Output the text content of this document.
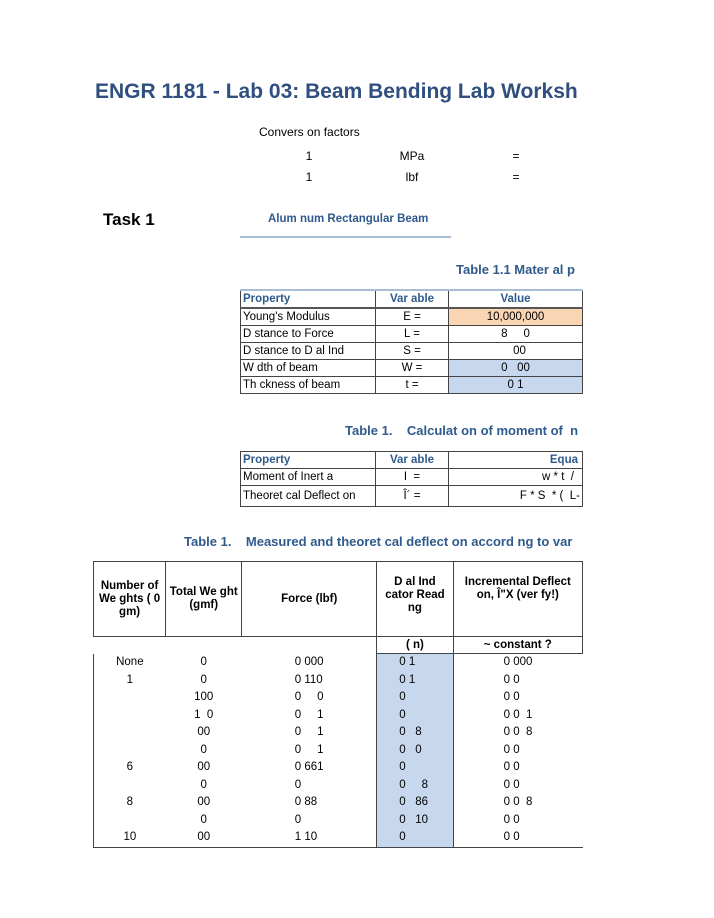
ENGR 1181 - Lab 03: Beam Bending Lab Worksh
Convers on factors
1	MPa	=
1	lbf	=
Task 1	Alum num Rectangular Beam
Table 1.1 Mater al p
Property	Var able	Value
Young's Modulus	E =	10,000,000
D stance to Force	L =	8     0
D stance to D al Ind	S =	00
W dth of beam	W =	0   00
Th ckness of beam	t =	0 1
Table 1.    Calculat on of moment of  n
Property	Var able	Equa
Moment of Inert a	I  =	w * t  /
Theoret cal Deflect on	Î´ =	F * S  * (  L-
Table 1.    Measured and theoret cal deflect on accord ng to var
Number of We ghts ( 0 gm)	Total We ght (gmf)	Force (lbf)	D al Ind cator Read ng	Incremental Deflect on, Î"X (ver fy!)
			( n)	~ constant ?
None	0	0 000	0 1	0 000
1	0	0 110	0 1	0 0
	100	0     0	0	0 0
	1  0	0     1	0	0 0  1
	00	0     1	0   8	0 0  8
	0	0     1	0   0	0 0
6	00	0 661	0	0 0
	0	0	0     8	0 0
8	00	0 88	0   86	0 0  8
	0	0	0   10	0 0
10	00	1 10	0	0 0
